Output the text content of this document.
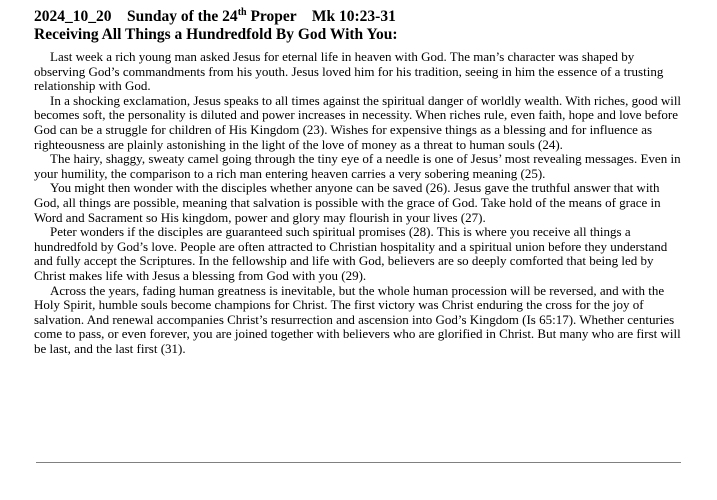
2024_10_20 Sunday of the 24th Proper Mk 10:23-31
Receiving All Things a Hundredfold By God With You:

Last week a rich young man asked Jesus for eternal life in heaven with God. The man’s character was shaped by observing God’s commandments from his youth. Jesus loved him for his tradition, seeing in him the essence of a trusting relationship with God.

In a shocking exclamation, Jesus speaks to all times against the spiritual danger of worldly wealth. With riches, good will becomes soft, the personality is diluted and power increases in necessity. When riches rule, even faith, hope and love before God can be a struggle for children of His Kingdom (23). Wishes for expensive things as a blessing and for influence as righteousness are plainly astonishing in the light of the love of money as a threat to human souls (24).

The hairy, shaggy, sweaty camel going through the tiny eye of a needle is one of Jesus’ most revealing messages. Even in your humility, the comparison to a rich man entering heaven carries a very sobering meaning (25).

You might then wonder with the disciples whether anyone can be saved (26). Jesus gave the truthful answer that with God, all things are possible, meaning that salvation is possible with the grace of God. Take hold of the means of grace in Word and Sacrament so His kingdom, power and glory may flourish in your lives (27).

Peter wonders if the disciples are guaranteed such spiritual promises (28). This is where you receive all things a hundredfold by God’s love. People are often attracted to Christian hospitality and a spiritual union before they understand and fully accept the Scriptures. In the fellowship and life with God, believers are so deeply comforted that being led by Christ makes life with Jesus a blessing from God with you (29).

Across the years, fading human greatness is inevitable, but the whole human procession will be reversed, and with the Holy Spirit, humble souls become champions for Christ. The first victory was Christ enduring the cross for the joy of salvation. And renewal accompanies Christ’s resurrection and ascension into God’s Kingdom (Is 65:17). Whether centuries come to pass, or even forever, you are joined together with believers who are glorified in Christ. But many who are first will be last, and the last first (31).
